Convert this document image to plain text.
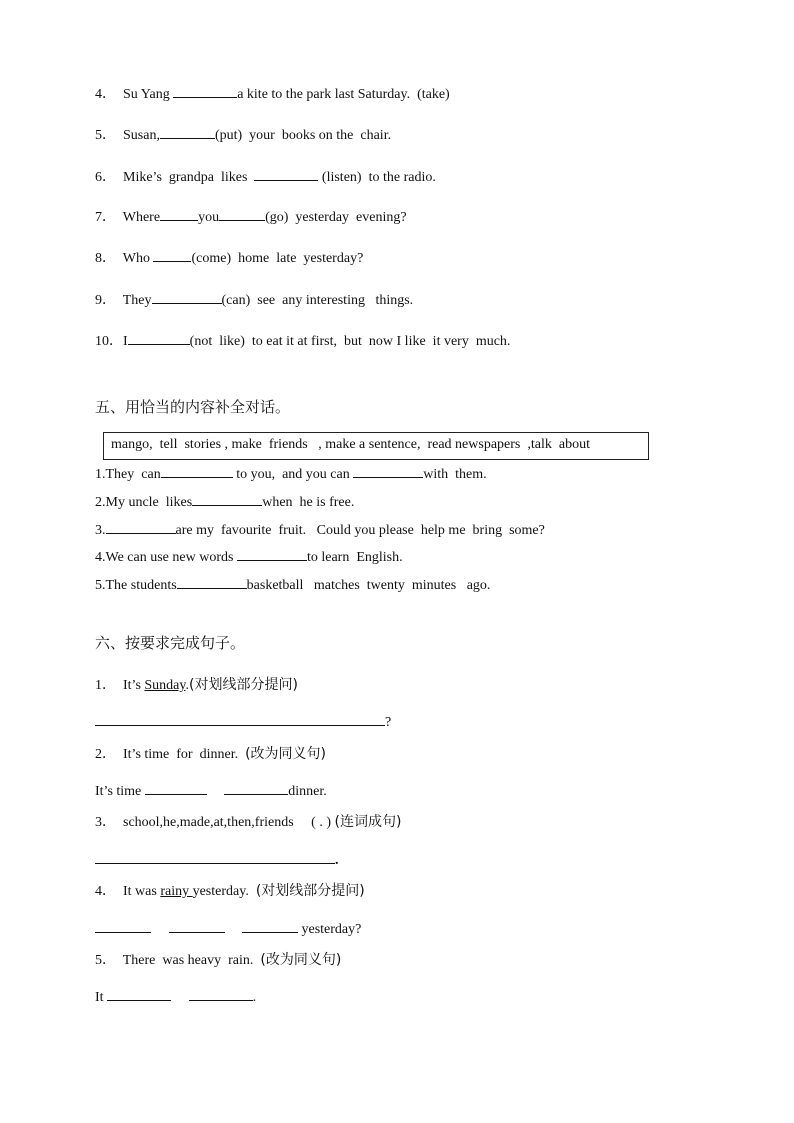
4． Su Yang	a kite to the park last Saturday.  (take)
5． Susan,	(put)  your  books on the  chair.
6． Mike’s  grandpa  likes	(listen)  to the radio.
7． Where	you	(go)  yesterday  evening?
8． Who	(come)  home  late  yesterday?
9． They	(can)  see  any interesting   things.
10．I	(not  like)  to eat it at first,  but  now I like  it very  much.
五、用恰当的内容补全对话。
mango,  tell  stories , make  friends   , make a sentence,  read newspapers  ,talk  about
1.They  can	to you,  and you can	with  them.
2.My uncle  likes	when  he is free.
3.	are my  favourite  fruit.   Could you please  help me  bring  some?
4.We can use new words	to learn  English.
5.The students	basketball   matches  twenty  minutes   ago.
六、按要求完成句子。
1． It’s Sunday.(对划线部分提问)
?
2． It’s time  for  dinner.  (改为同义句)
It’s time	dinner.
3． school,he,made,at,then,friends     ( . ) (连词成句)
.
4． It was rainy yesterday.  (对划线部分提问)
yesterday?
5． There  was heavy  rain.  (改为同义句)
It	.
